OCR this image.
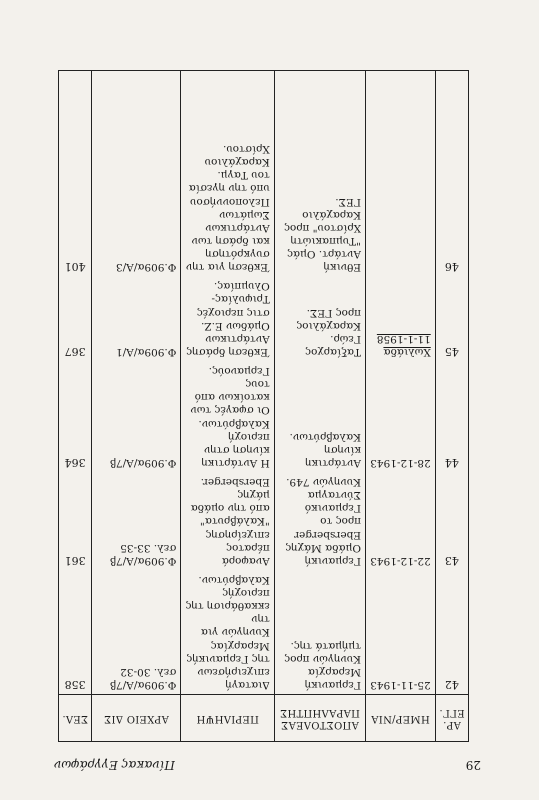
29
Πίνακας Εγγράφων
ΑΡ. ΕΓΓ.	ΗΜΕΡ/ΝΙΑ	ΑΠΟΣΤΟΛΕΑΣ ΠΑΡΑΛΗΠΤΗΣ	ΠΕΡΙΛΗΨΗ	ΑΡΧΕΙΟ ΔΙΣ	ΣΕΛ.
42	25-11-1943	Γερμανική Μεραρχία Κυνηγών προς τμήματά της.	Διαταγή επιχειρήσεων της Γερμανικής Μεραρχίας Κυνηγών για την εκκαθάριση της περιοχής Καλαβρύτων.	Φ.909α/Α/7β σελ. 30-32	358
43	22-12-1943	Γερμανική Ομάδα Μάχης Ebersberger προς το Γερμανικό Σύνταγμα Κυνηγών 749.	Αναφορά πέρατος επιχείρησης "Καλάβρυτα" από την ομάδα μάχης Ebersberger.	Φ.909α/Α/7β σελ. 33-35	361
44	28-12-1943	Αντάρτικη κίνηση Καλαβρύτων.	Η Αντάρτικη κίνηση στην περιοχή Καλαβρύτων. Οι σφαγές των κατοίκων από τους Γερμανούς.	Φ.909α/Α/7β	364
45	Χωλιάδα 11-1-1958	Ταξίαρχος Γεώρ. Καραχάλιος προς ΓΕΣ.	Έκθεση δράσης Αντάρτικων Ομάδων Ε.Ζ. στις περιοχές Τριφυλίας-Ολυμπίας.	Φ.909α/Α/1	367
46		Εθνική Αντάρτ. Ομάς "Τυμπακιώτη Χρίστου" προς Καραχάλιο ΓΕΣ.	Έκθεση για την συγκρότηση και δράση των Αντάρτικων Σωμάτων Πελοποννήσου υπό την ηγεσία του Ταγμ. Καραχάλιου Χρίστου.	Φ.909α/Α/3	401
